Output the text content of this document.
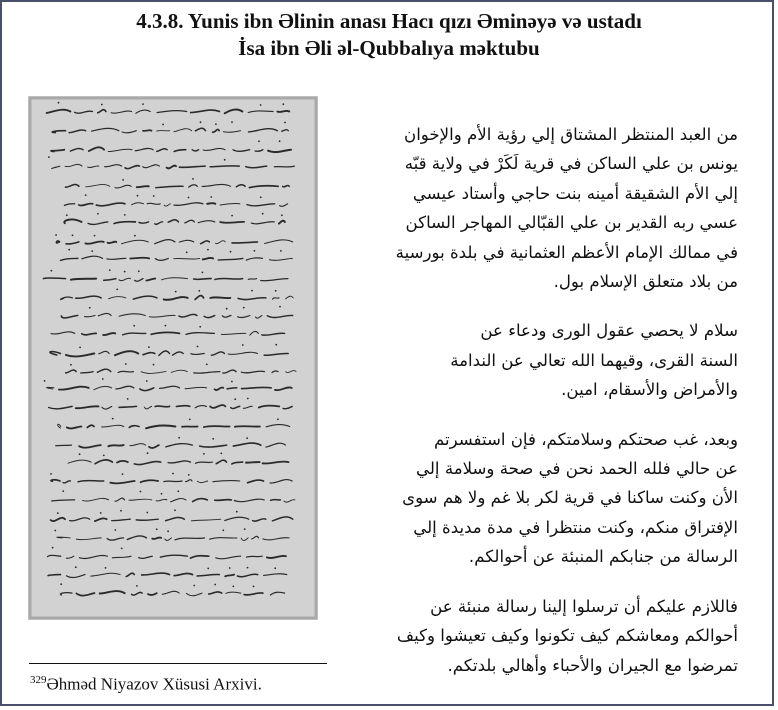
4.3.8. Yunis ibn Əlinin anası Hacı qızı Əminəyə və ustadı
İsa ibn Əli əl-Qubbalıya məktubu

من العبد المنتظر المشتاق إلي رؤية الأم والإخوان
يونس بن علي الساكن في قرية لَكَرْ في ولاية قبّه
إلي الأم الشقيقة أمينه بنت حاجي وأستاد عيسي
عسي ربه القدير بن علي القبّالي المهاجر الساكن
في ممالك الإمام الأعظم العثمانية في بلدة بورسية
من بلاد متعلق الإسلام بول.

سلام لا يحصي عقول الورى ودعاء عن
السنة القرى، وقيهما الله تعالي عن الندامة
والأمراض والأسقام، امين.

وبعد، غب صحتكم وسلامتكم، فإن استفسرتم
عن حالي فلله الحمد نحن في صحة وسلامة إلي
الأن وكنت ساكنا في قرية لكر بلا غم ولا هم سوى
الإفتراق منكم، وكنت منتظرا في مدة مديدة إلي
الرسالة من جنابكم المنبئة عن أحوالكم.

فاللازم عليكم أن ترسلوا إلينا رسالة منبئة عن
أحوالكم ومعاشكم كيف تكونوا وكيف تعيشوا وكيف
تمرضوا مع الجيران والأحباء وأهالي بلدتكم.

$^{329}$Əhməd Niyazov Xüsusi Arxivi.
